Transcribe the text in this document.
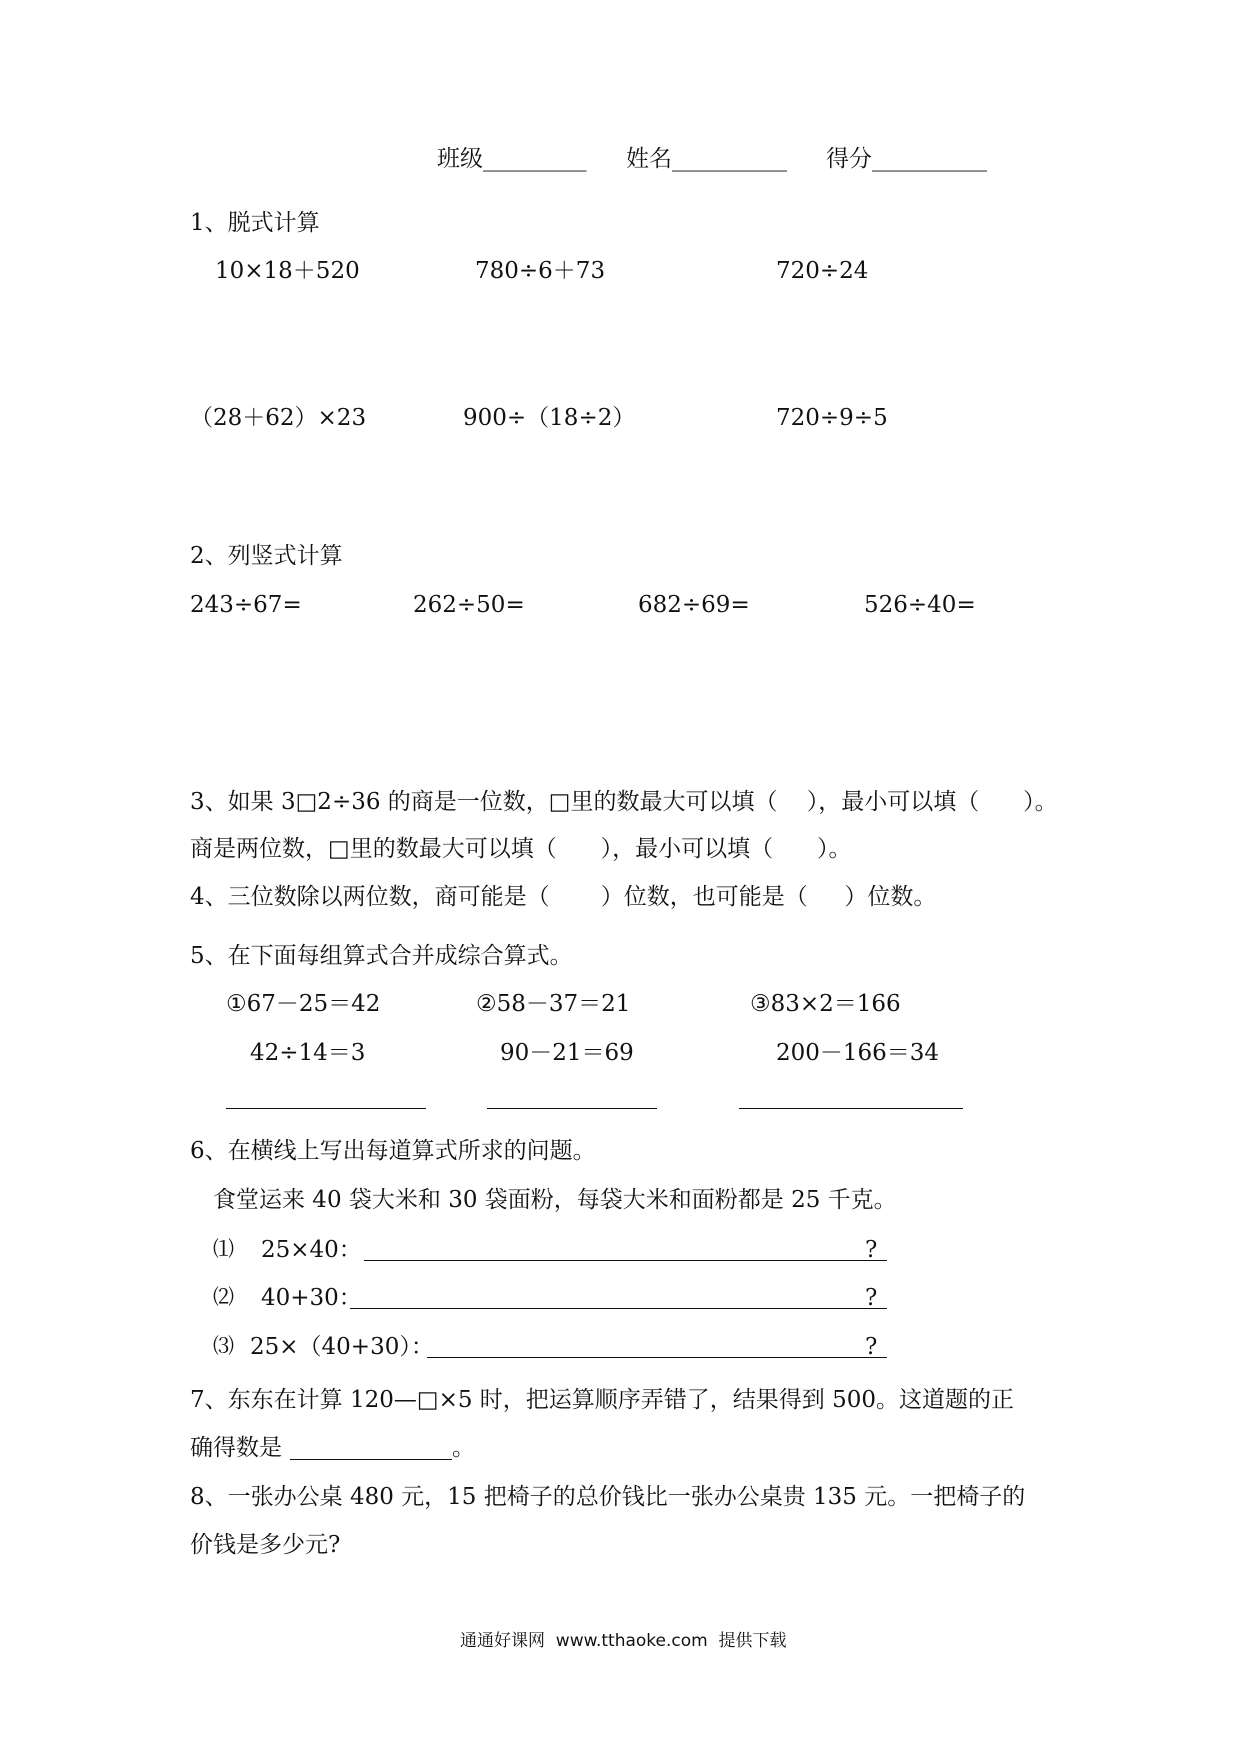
班级_________ 姓名__________ 得分__________
1、脱式计算
10×18＋520	780÷6＋73	720÷24
（28＋62）×23	900÷（18÷2）	720÷9÷5
2、列竖式计算
243÷67=	262÷50=	682÷69=	526÷40=
3、如果 3□2÷36 的商是一位数，□里的数最大可以填（    ），最小可以填（      ）。
商是两位数，□里的数最大可以填（      ），最小可以填（      ）。
4、三位数除以两位数，商可能是（       ）位数，也可能是（     ）位数。
5、在下面每组算式合并成综合算式。
①67－25＝42	②58－37＝21	③83×2＝166
42÷14＝3	90－21＝69	200－166＝34
6、在横线上写出每道算式所求的问题。
食堂运来 40 袋大米和 30 袋面粉，每袋大米和面粉都是 25 千克。
⑴ 25×40：	?
⑵ 40+30：	?
⑶ 25×（40+30）：	?
7、东东在计算 120—□×5 时，把运算顺序弄错了，结果得到 500。这道题的正
确得数是	。
8、一张办公桌 480 元，15 把椅子的总价钱比一张办公桌贵 135 元。一把椅子的
价钱是多少元?
通通好课网  www.tthaoke.com  提供下载
